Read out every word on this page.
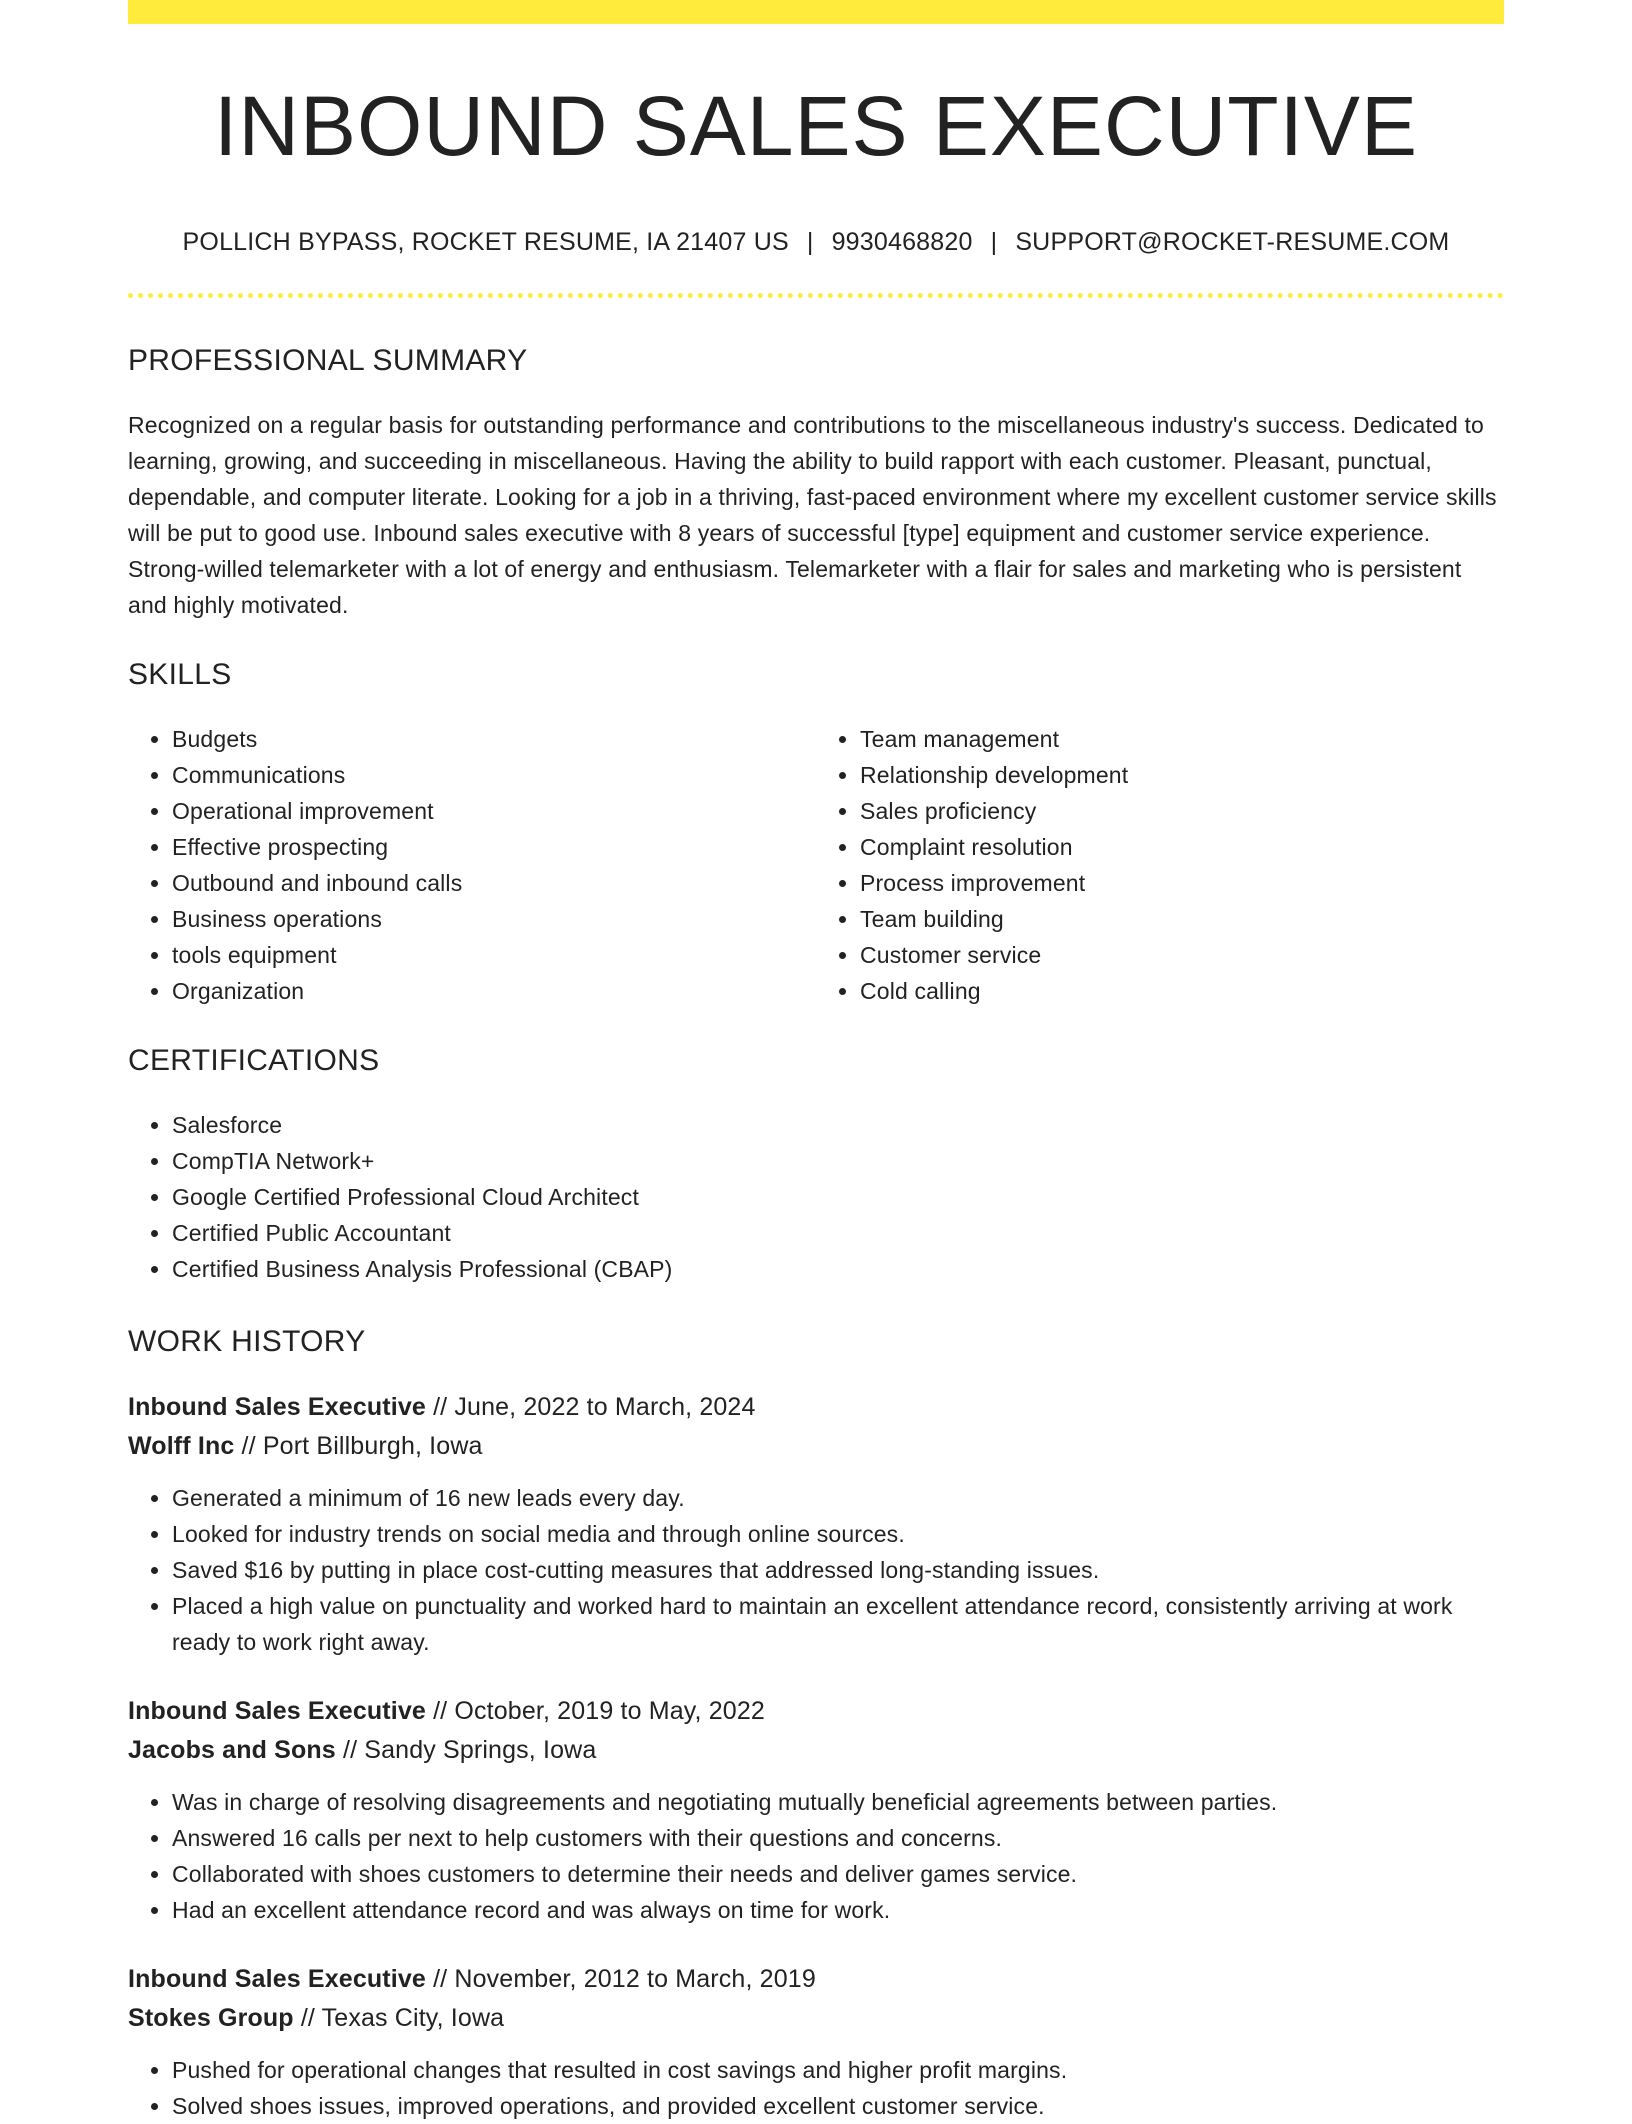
INBOUND SALES EXECUTIVE
POLLICH BYPASS, ROCKET RESUME, IA 21407 US | 9930468820 | SUPPORT@ROCKET-RESUME.COM
PROFESSIONAL SUMMARY

Recognized on a regular basis for outstanding performance and contributions to the miscellaneous industry's success. Dedicated to learning, growing, and succeeding in miscellaneous. Having the ability to build rapport with each customer. Pleasant, punctual, dependable, and computer literate. Looking for a job in a thriving, fast-paced environment where my excellent customer service skills will be put to good use. Inbound sales executive with 8 years of successful [type] equipment and customer service experience. Strong-willed telemarketer with a lot of energy and enthusiasm. Telemarketer with a flair for sales and marketing who is persistent and highly motivated.

SKILLS
• Budgets
• Communications
• Operational improvement
• Effective prospecting
• Outbound and inbound calls
• Business operations
• tools equipment
• Organization
• Team management
• Relationship development
• Sales proficiency
• Complaint resolution
• Process improvement
• Team building
• Customer service
• Cold calling
CERTIFICATIONS
• Salesforce
• CompTIA Network+
• Google Certified Professional Cloud Architect
• Certified Public Accountant
• Certified Business Analysis Professional (CBAP)
WORK HISTORY
Inbound Sales Executive // June, 2022 to March, 2024
Wolff Inc // Port Billburgh, Iowa
• Generated a minimum of 16 new leads every day.
• Looked for industry trends on social media and through online sources.
• Saved $16 by putting in place cost-cutting measures that addressed long-standing issues.
• Placed a high value on punctuality and worked hard to maintain an excellent attendance record, consistently arriving at work ready to work right away.
Inbound Sales Executive // October, 2019 to May, 2022
Jacobs and Sons // Sandy Springs, Iowa
• Was in charge of resolving disagreements and negotiating mutually beneficial agreements between parties.
• Answered 16 calls per next to help customers with their questions and concerns.
• Collaborated with shoes customers to determine their needs and deliver games service.
• Had an excellent attendance record and was always on time for work.
Inbound Sales Executive // November, 2012 to March, 2019
Stokes Group // Texas City, Iowa
• Pushed for operational changes that resulted in cost savings and higher profit margins.
• Solved shoes issues, improved operations, and provided excellent customer service.
